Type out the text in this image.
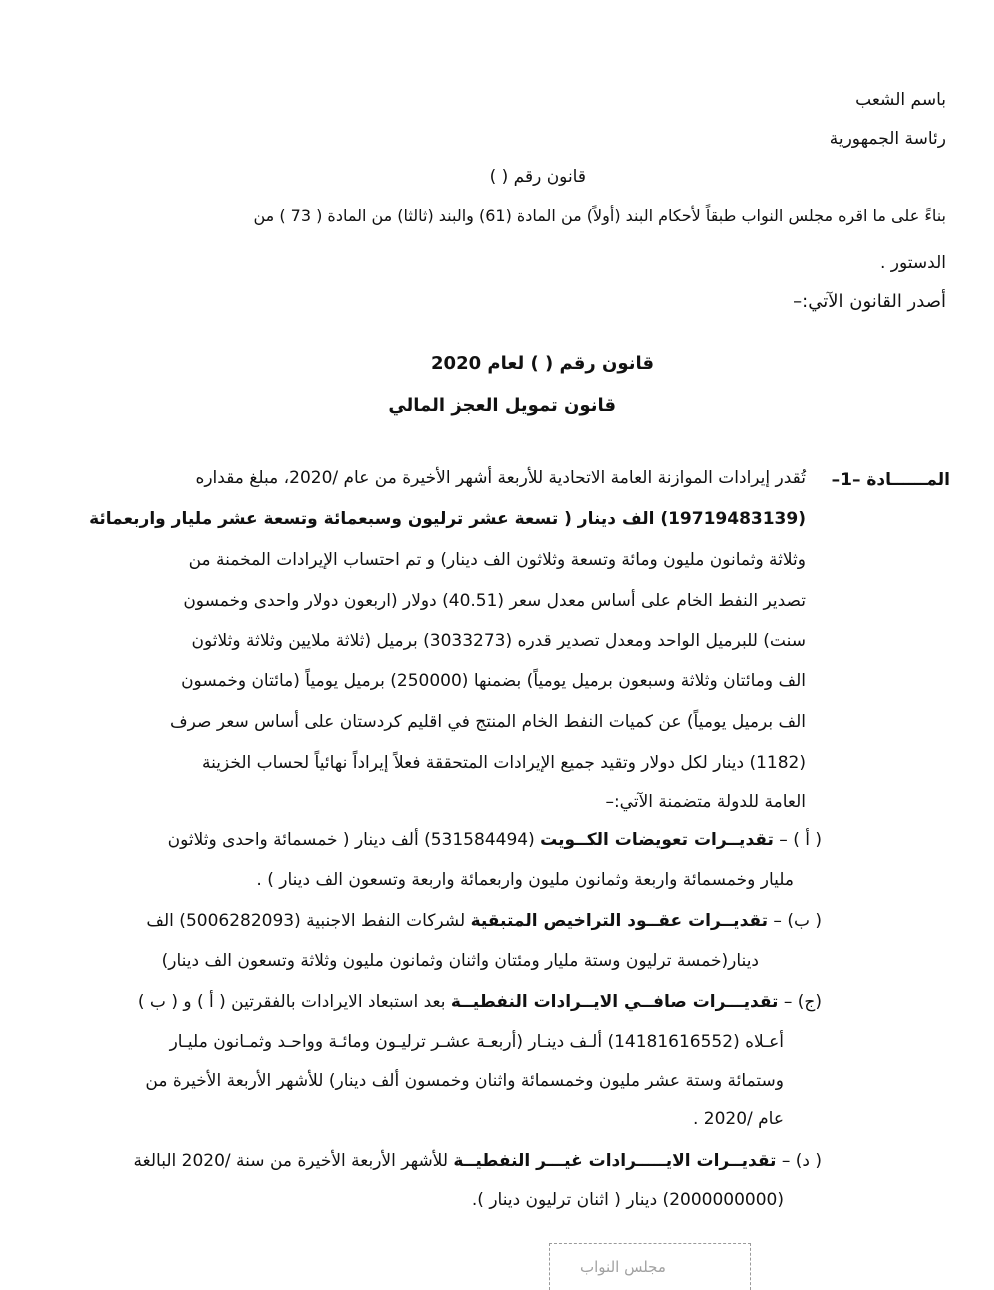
باسم الشعب
رئاسة الجمهورية
قانون رقم ( )
بناءً على ما اقره مجلس النواب طبقاً لأحكام البند (أولاً) من المادة (61) والبند (ثالثا) من المادة ( 73 ) من
الدستور .
أصدر القانون الآتي:–
قانون رقم ( ) لعام 2020
قانون تمويل العجز المالي
المــــــادة –1–
تُقدر إيرادات الموازنة العامة الاتحادية للأربعة أشهر الأخيرة من عام /2020، مبلغ مقداره
(19719483139) الف دينار ( تسعة عشر ترليون وسبعمائة وتسعة عشر مليار واربعمائة
وثلاثة وثمانون مليون ومائة وتسعة وثلاثون الف دينار) و تم احتساب الإيرادات المخمنة من
تصدير النفط الخام على أساس معدل سعر (40.51) دولار (اربعون دولار واحدى وخمسون
سنت) للبرميل الواحد ومعدل تصدير قدره (3033273) برميل (ثلاثة ملايين وثلاثة وثلاثون
الف ومائتان وثلاثة وسبعون برميل يومياً) بضمنها (250000) برميل يومياً (مائتان وخمسون
الف برميل يومياً) عن كميات النفط الخام المنتج في اقليم كردستان على أساس سعر صرف
(1182) دينار لكل دولار وتقيد جميع الإيرادات المتحققة فعلاً إيراداً نهائياً لحساب الخزينة
العامة للدولة متضمنة الآتي:–
( أ ) – تقديــرات تعويضات الكــويت (531584494) ألف دينار ( خمسمائة واحدى وثلاثون
مليار وخمسمائة واربعة وثمانون مليون واربعمائة واربعة وتسعون الف دينار ) .
( ب) – تقديــرات عقــود التراخيص المتبقية لشركات النفط الاجنبية (5006282093) الف
دينار(خمسة ترليون وستة مليار ومئتان واثنان وثمانون مليون وثلاثة وتسعون الف دينار)
(ج) – تقديـــرات صافــي الايــرادات النفطيــة بعد استبعاد الايرادات بالفقرتين ( أ ) و ( ب )
أعـلاه (14181616552) ألـف دينـار (أربعـة عشـر ترليـون ومائـة وواحـد وثمـانون مليـار
وستمائة وستة عشر مليون وخمسمائة واثنان وخمسون ألف دينار) للأشهر الأربعة الأخيرة من
عام /2020 .
( د) – تقديــرات الايـــــرادات غيـــر النفطيــة للأشهر الأربعة الأخيرة من سنة /2020 البالغة
(2000000000) دينار ( اثنان ترليون دينار ).
مجلس النواب
